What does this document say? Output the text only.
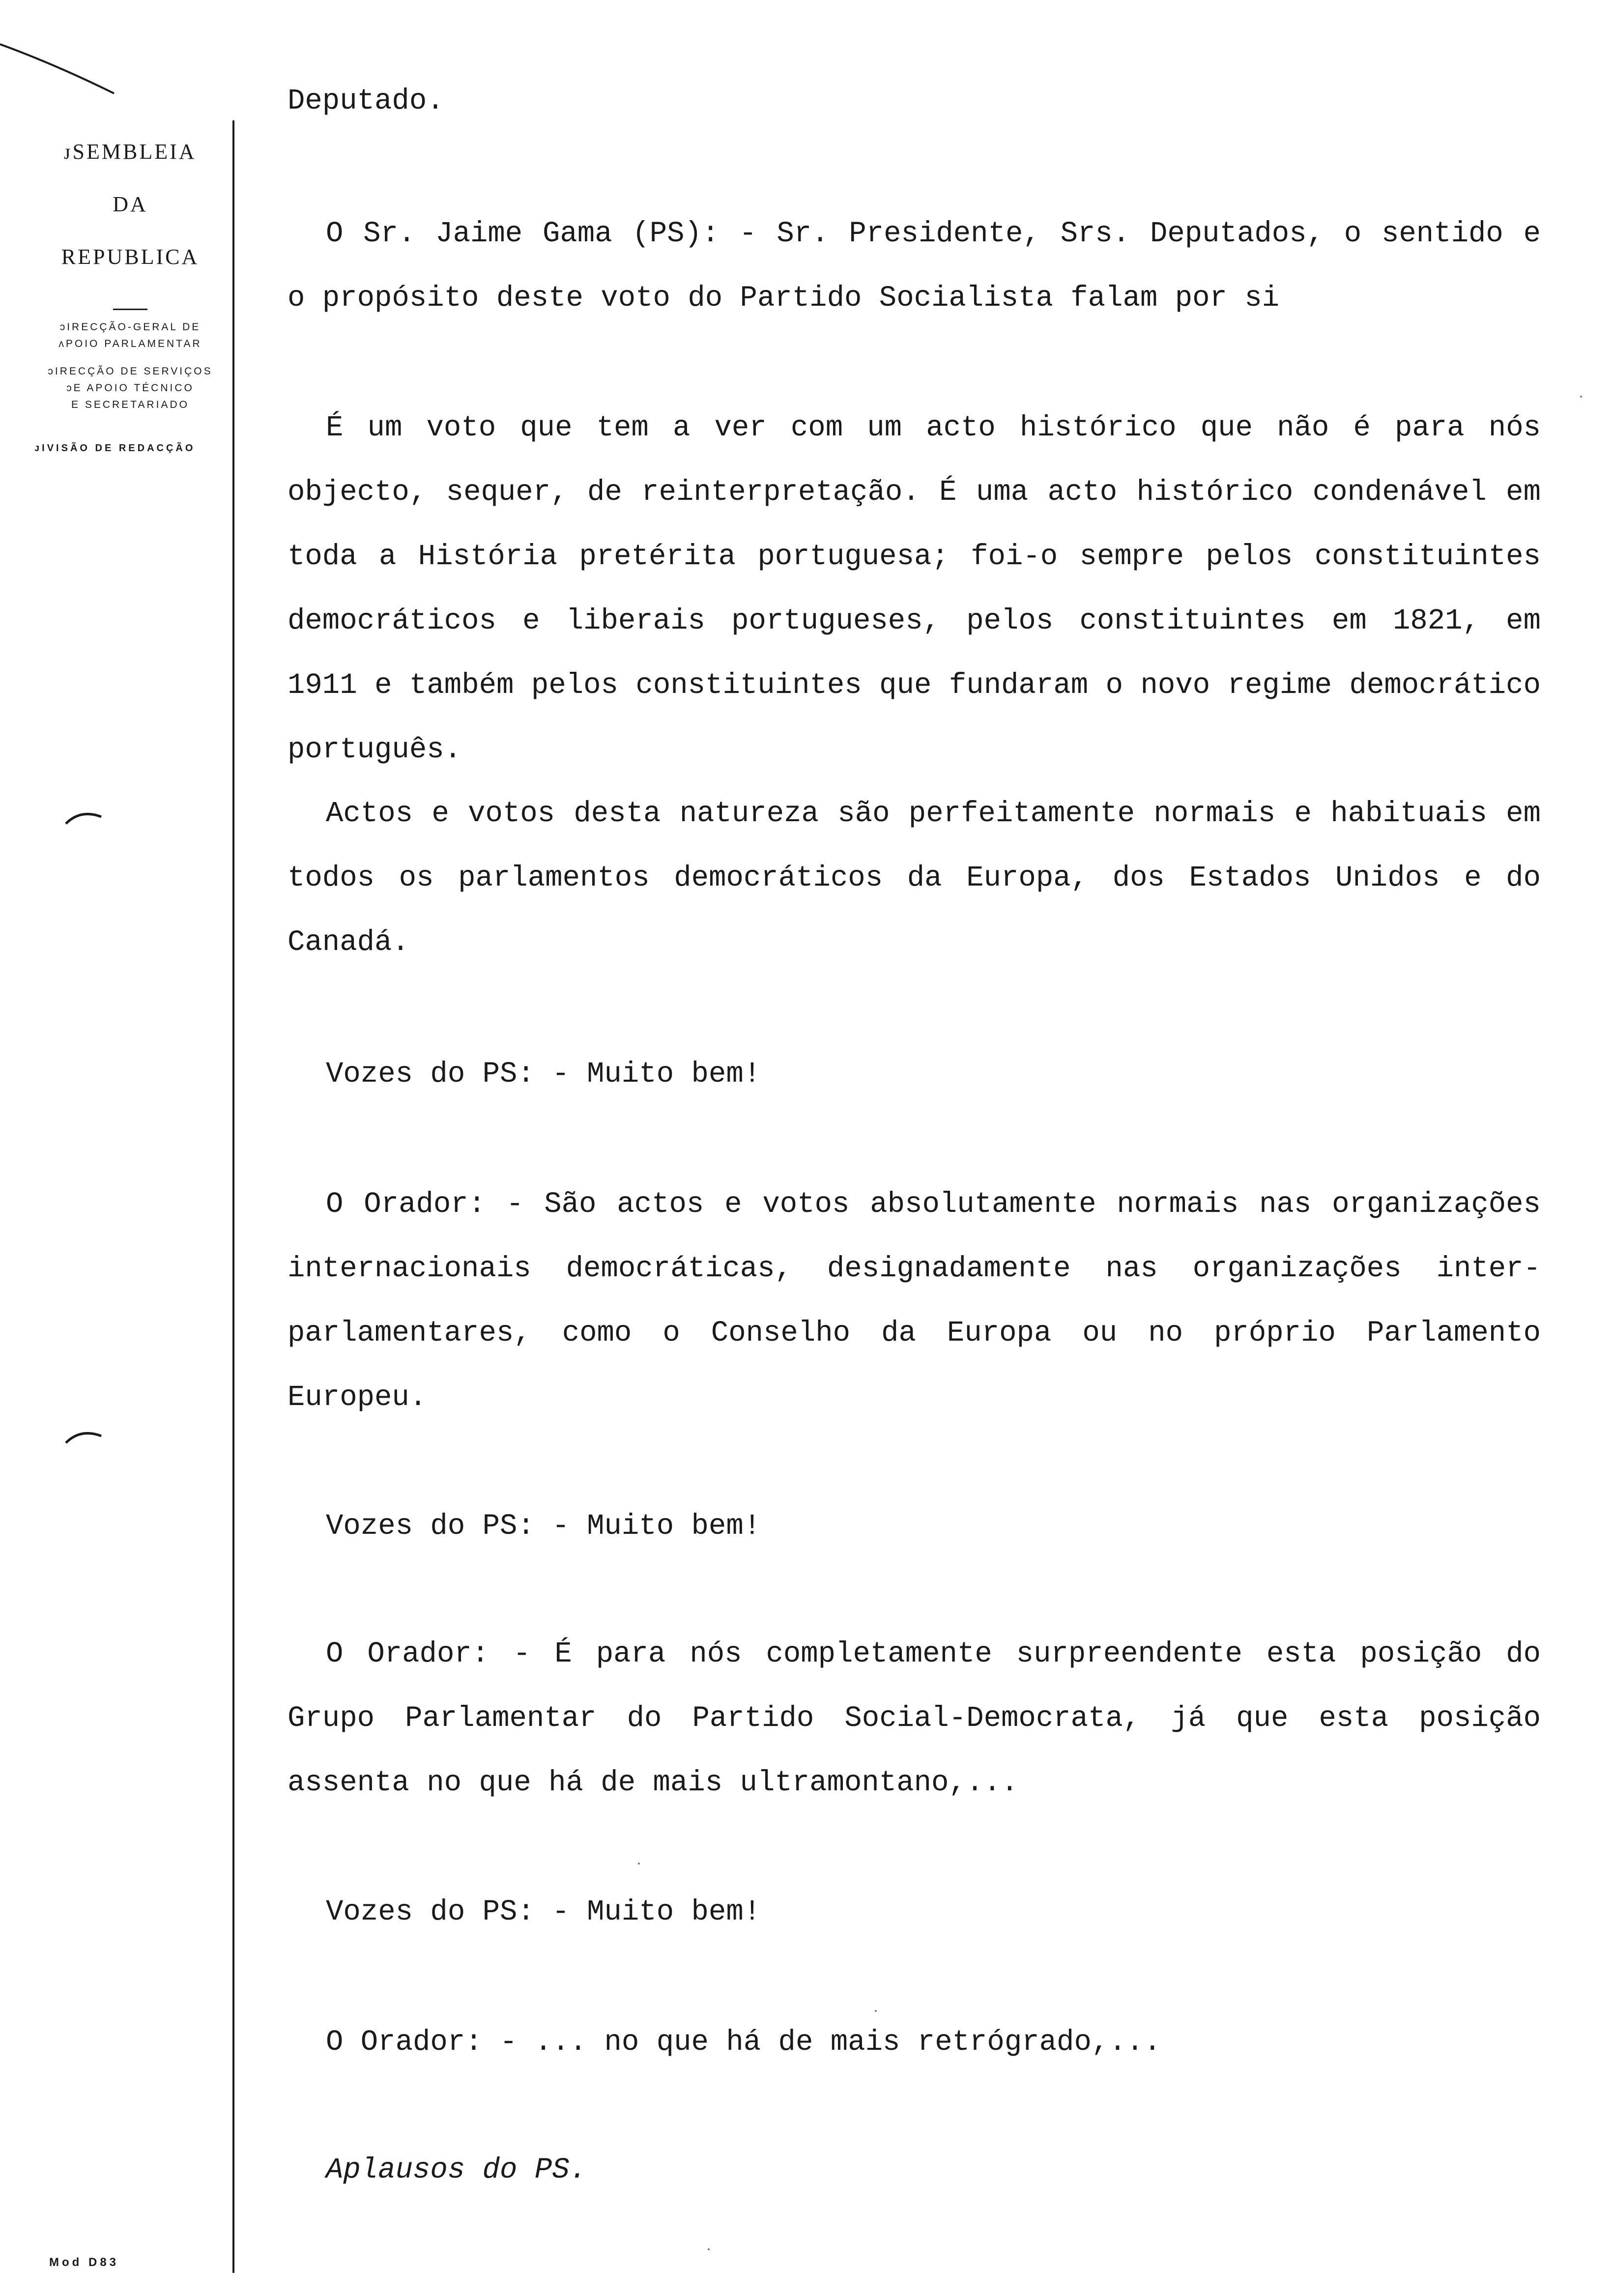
ᴊSEMBLEIA
DA
REPUBLICA
ᴐIRECÇÃO-GERAL DE
ᴧPOIO PARLAMENTAR
ᴐIRECÇÃO DE SERVIÇOS
ᴐE APOIO TÉCNICO
E SECRETARIADO
ᴊIVISÃO DE REDACÇÃO
Mod D83
Deputado.
O Sr. Jaime Gama (PS): - Sr. Presidente, Srs. Deputados, o sentido e o propósito deste voto do Partido Socialista falam por si
É um voto que tem a ver com um acto histórico que não é para nós objecto, sequer, de reinterpretação. É uma acto histórico condenável em toda a História pretérita portuguesa; foi-o sempre pelos constituintes democráticos e liberais portugueses, pelos constituintes em 1821, em 1911 e também pelos constituintes que fundaram o novo regime democrático português.
Actos e votos desta natureza são perfeitamente normais e habituais em todos os parlamentos democráticos da Europa, dos Estados Unidos e do Canadá.
Vozes do PS: - Muito bem!
O Orador: - São actos e votos absolutamente normais nas organizações internacionais democráticas, designadamente nas organizações inter-parlamentares, como o Conselho da Europa ou no próprio Parlamento Europeu.
Vozes do PS: - Muito bem!
O Orador: - É para nós completamente surpreendente esta posição do Grupo Parlamentar do Partido Social-Democrata, já que esta posição assenta no que há de mais ultramontano,...
Vozes do PS: - Muito bem!
O Orador: - ... no que há de mais retrógrado,...
Aplausos do PS.
